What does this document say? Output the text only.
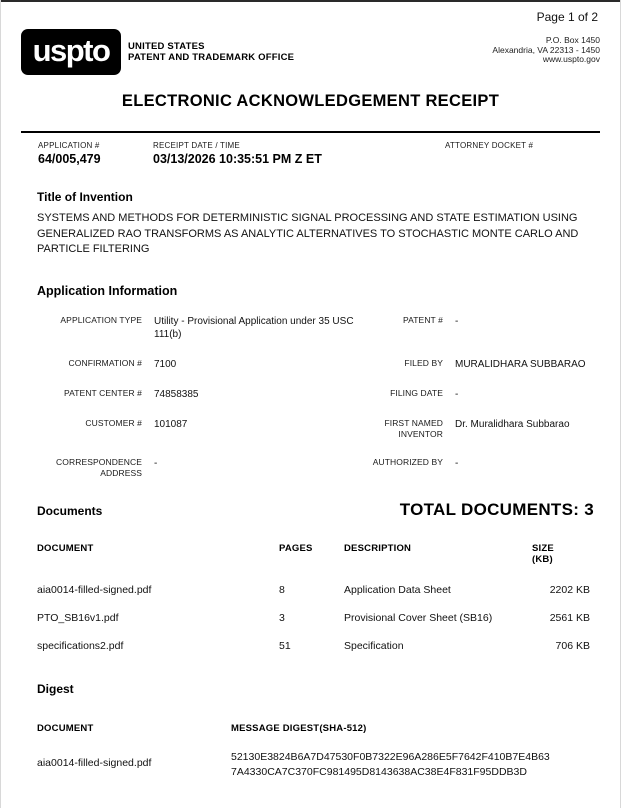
Page 1 of 2
uspto	UNITED STATES
PATENT AND TRADEMARK OFFICE
P.O. Box 1450
Alexandria, VA 22313 - 1450
www.uspto.gov
ELECTRONIC ACKNOWLEDGEMENT RECEIPT
APPLICATION #
64/005,479
RECEIPT DATE / TIME
03/13/2026 10:35:51 PM Z ET
ATTORNEY DOCKET #
Title of Invention
SYSTEMS AND METHODS FOR DETERMINISTIC SIGNAL PROCESSING AND STATE ESTIMATION USING GENERALIZED RAO TRANSFORMS AS ANALYTIC ALTERNATIVES TO STOCHASTIC MONTE CARLO AND PARTICLE FILTERING
Application Information
APPLICATION TYPE Utility - Provisional Application under 35 USC 111(b)
PATENT # -
CONFIRMATION # 7100	FILED BY MURALIDHARA SUBBARAO
PATENT CENTER # 74858385	FILING DATE -
CUSTOMER # 101087	FIRST NAMED INVENTOR
Dr. Muralidhara Subbarao
CORRESPONDENCE ADDRESS
-	AUTHORIZED BY -
Documents	TOTAL DOCUMENTS: 3
DOCUMENT	PAGES	DESCRIPTION	SIZE (KB)
aia0014-filled-signed.pdf	8	Application Data Sheet	2202 KB
PTO_SB16v1.pdf	3	Provisional Cover Sheet (SB16)	2561 KB
specifications2.pdf	51	Specification	706 KB
Digest
DOCUMENT	MESSAGE DIGEST(SHA-512)
aia0014-filled-signed.pdf	52130E3824B6A7D47530F0B7322E96A286E5F7642F410B7E4B637A4330CA7C370FC981495D8143638AC38E4F831F95DDB3D
